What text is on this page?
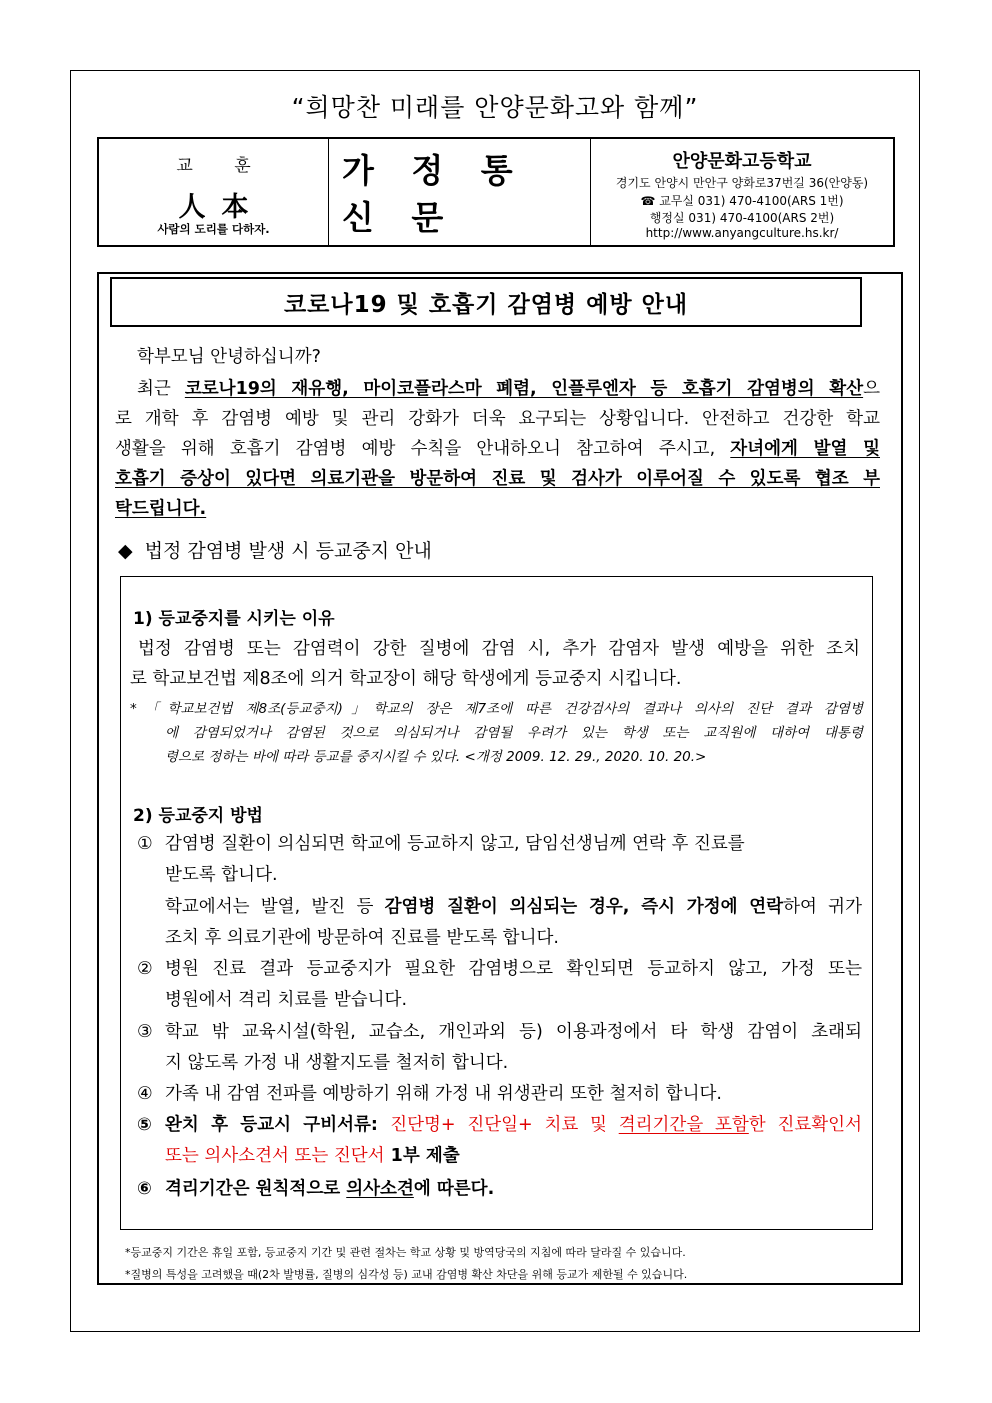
“희망찬 미래를 안양문화고와 함께”
교 훈
人本
사람의 도리를 다하자.
가 정 통 신 문
안양문화고등학교
경기도 안양시 만안구 양화로37번길 36(안양동)
☎ 교무실 031) 470-4100(ARS 1번)
행정실 031) 470-4100(ARS 2번)
http://www.anyangculture.hs.kr/
코로나19 및 호흡기 감염병 예방 안내
학부모님 안녕하십니까?
최근 코로나19의 재유행, 마이코플라스마 폐렴, 인플루엔자 등 호흡기 감염병의 확산으
로 개학 후 감염병 예방 및 관리 강화가 더욱 요구되는 상황입니다. 안전하고 건강한 학교
생활을 위해 호흡기 감염병 예방 수칙을 안내하오니 참고하여 주시고, 자녀에게 발열 및
호흡기 증상이 있다면 의료기관을 방문하여 진료 및 검사가 이루어질 수 있도록 협조 부
탁드립니다.
◆ 법정 감염병 발생 시 등교중지 안내
1) 등교중지를 시키는 이유
법정 감염병 또는 감염력이 강한 질병에 감염 시, 추가 감염자 발생 예방을 위한 조치
로 학교보건법 제8조에 의거 학교장이 해당 학생에게 등교중지 시킵니다.
*「학교보건법 제8조(등교중지)」학교의 장은 제7조에 따른 건강검사의 결과나 의사의 진단 결과 감염병
에 감염되었거나 감염된 것으로 의심되거나 감염될 우려가 있는 학생 또는 교직원에 대하여 대통령
령으로 정하는 바에 따라 등교를 중지시킬 수 있다. <개정 2009. 12. 29., 2020. 10. 20.>
2) 등교중지 방법
① 감염병 질환이 의심되면 학교에 등교하지 않고, 담임선생님께 연락 후 진료를
받도록 합니다.
학교에서는 발열, 발진 등 감염병 질환이 의심되는 경우, 즉시 가정에 연락하여 귀가
조치 후 의료기관에 방문하여 진료를 받도록 합니다.
② 병원 진료 결과 등교중지가 필요한 감염병으로 확인되면 등교하지 않고, 가정 또는
병원에서 격리 치료를 받습니다.
③ 학교 밖 교육시설(학원, 교습소, 개인과외 등) 이용과정에서 타 학생 감염이 초래되
지 않도록 가정 내 생활지도를 철저히 합니다.
④ 가족 내 감염 전파를 예방하기 위해 가정 내 위생관리 또한 철저히 합니다.
⑤ 완치 후 등교시 구비서류: 진단명+ 진단일+ 치료 및 격리기간을 포함한 진료확인서
또는 의사소견서 또는 진단서 1부 제출
⑥ 격리기간은 원칙적으로 의사소견에 따른다.
*등교중지 기간은 휴일 포함, 등교중지 기간 및 관련 절차는 학교 상황 및 방역당국의 지침에 따라 달라질 수 있습니다.
*질병의 특성을 고려했을 때(2차 발병률, 질병의 심각성 등) 교내 감염병 확산 차단을 위해 등교가 제한될 수 있습니다.
